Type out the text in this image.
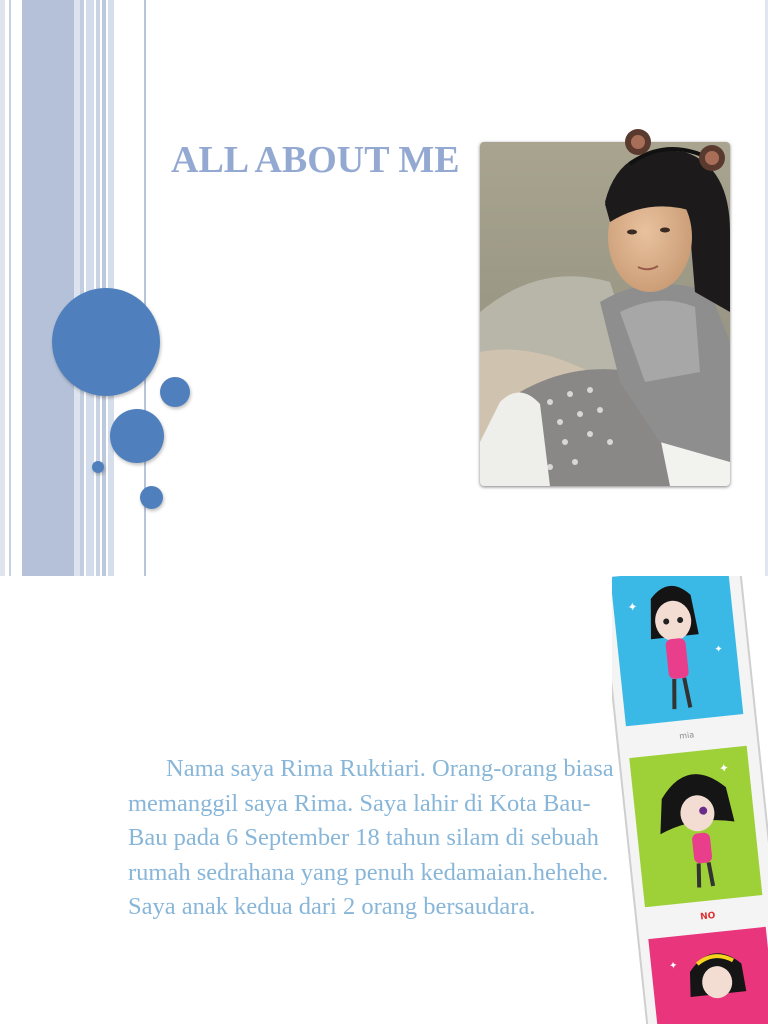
ALL ABOUT ME
Nama saya Rima Ruktiari. Orang-orang biasa memanggil saya Rima. Saya lahir di Kota Bau-Bau pada 6 September 18 tahun silam di sebuah rumah sedrahana yang penuh kedamaian.hehehe. Saya anak kedua dari 2 orang bersaudara.
✦
✦
mia
✦
NO
✦
